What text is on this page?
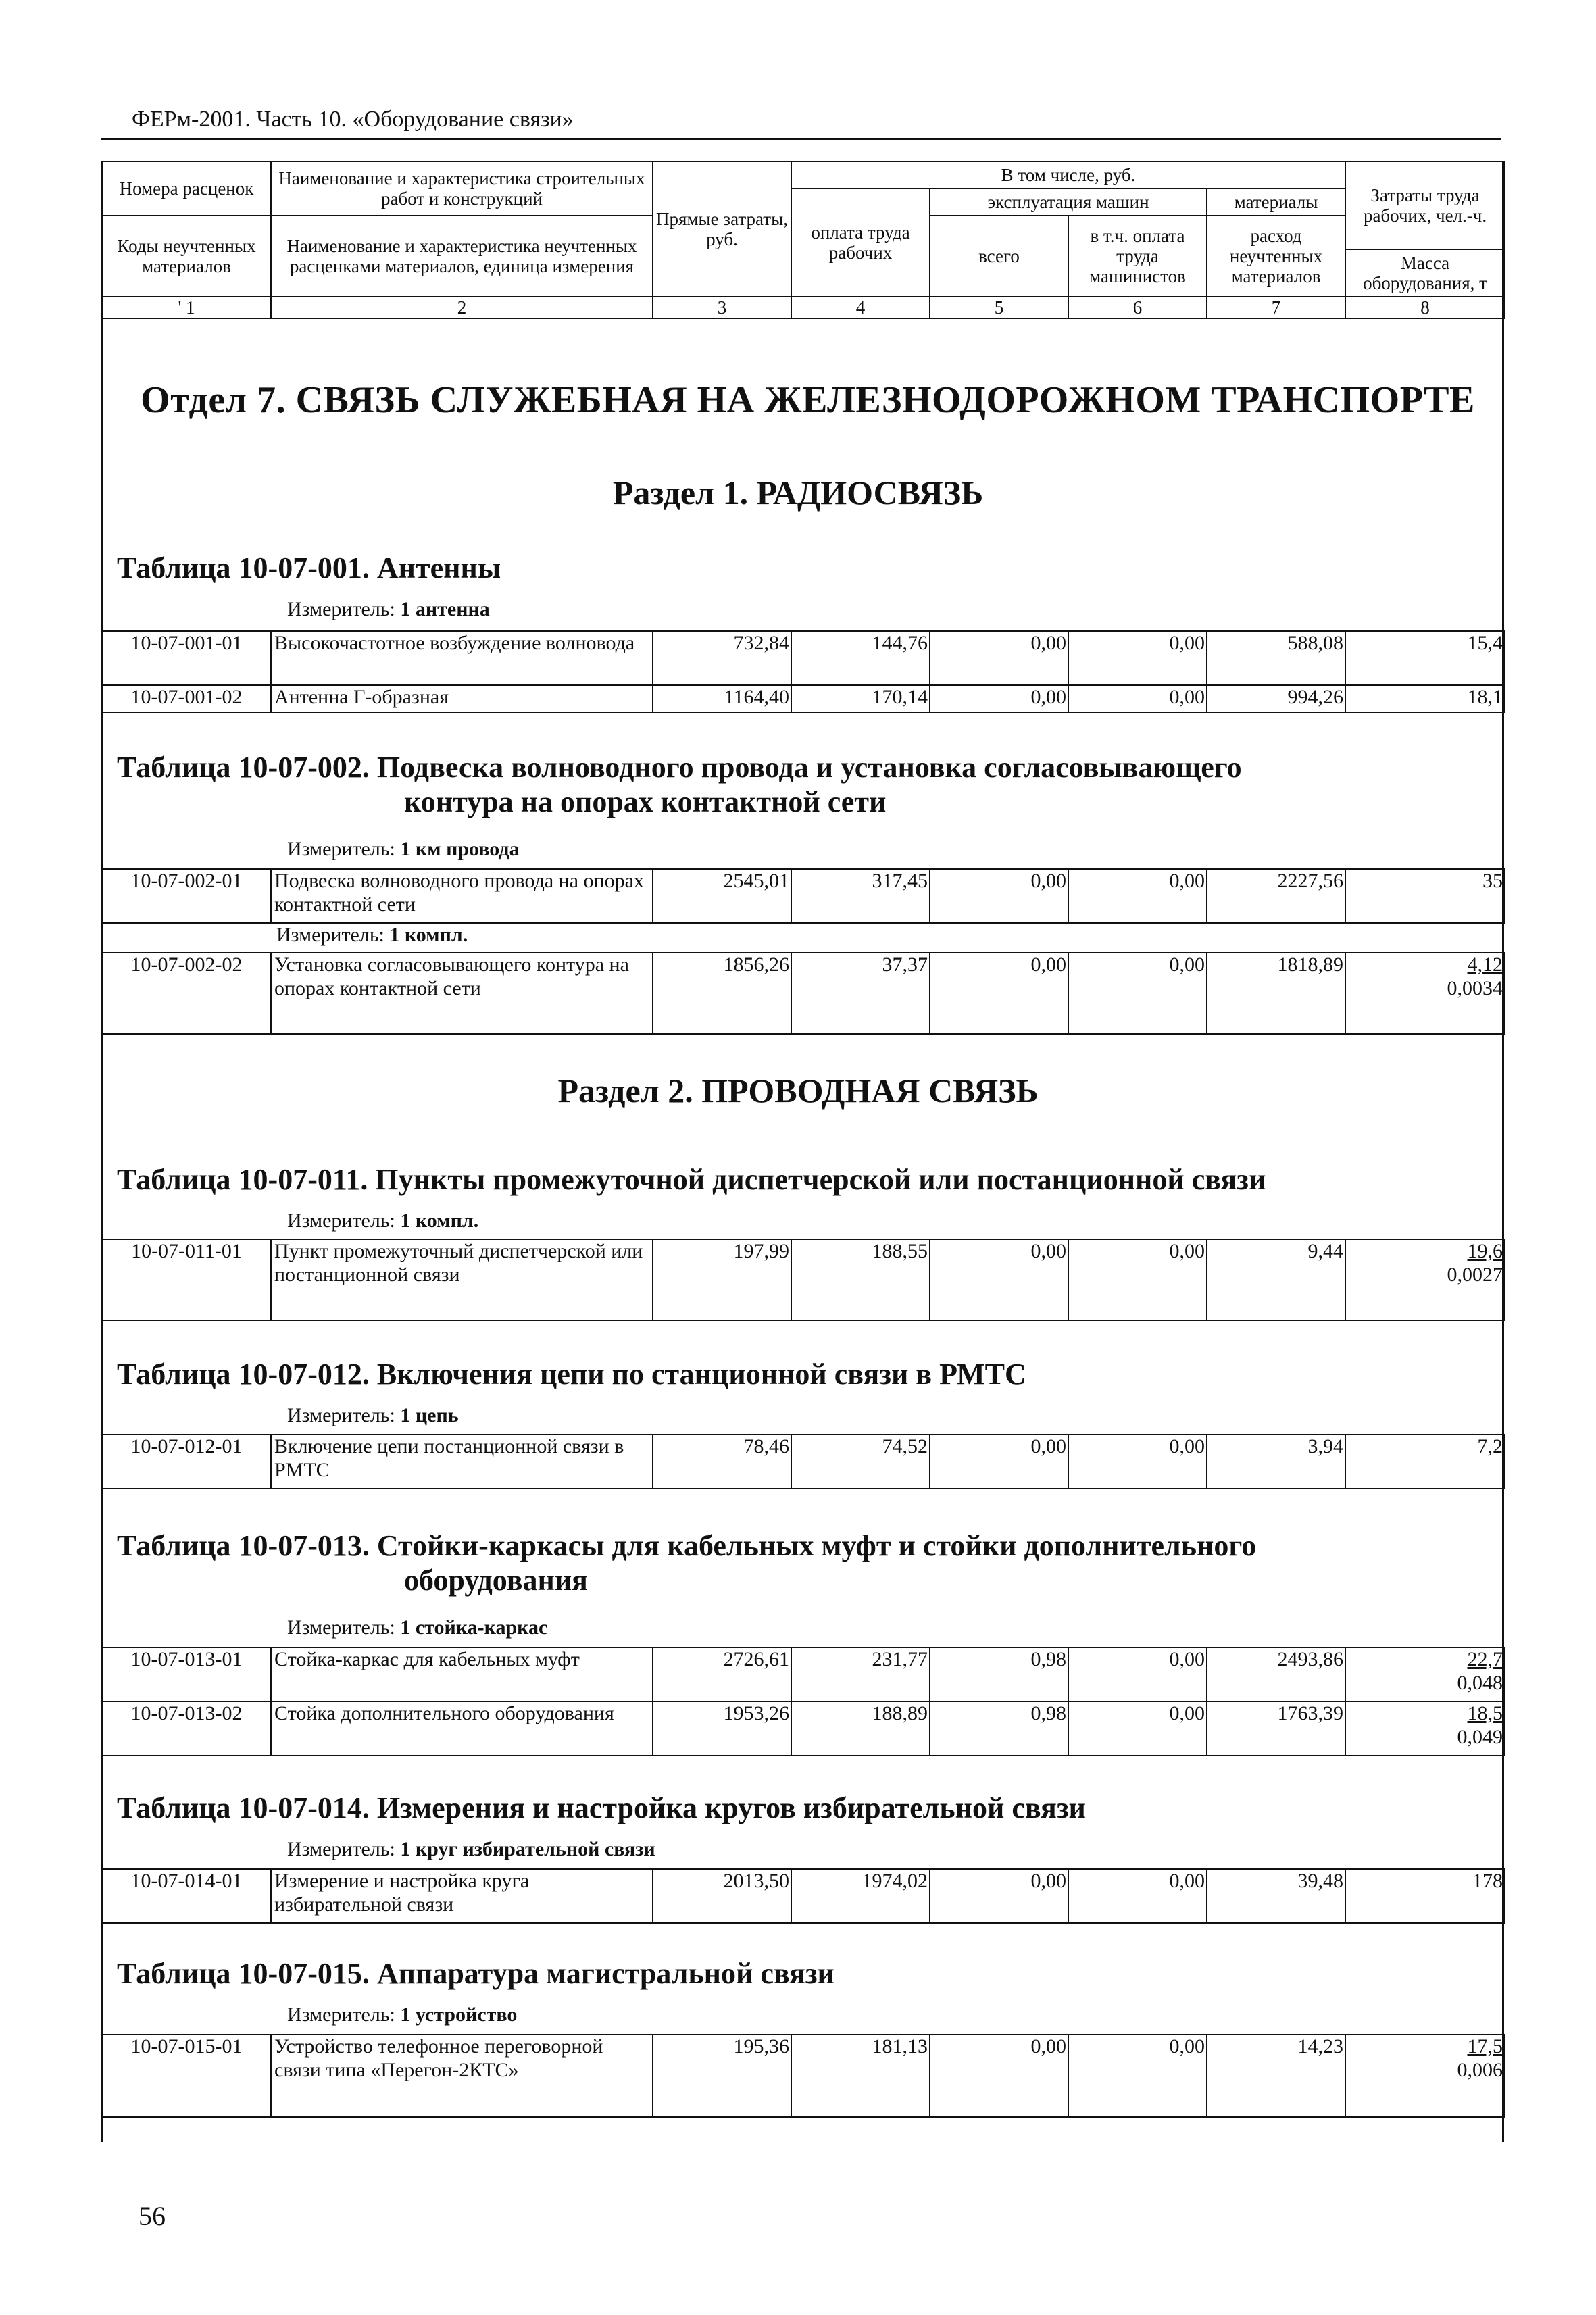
ФЕРм-2001. Часть 10. «Оборудование связи»
Номера расценок	Наименование и характеристика строительных работ и конструкций	Прямые затраты, руб.	В том числе, руб.				Затраты труда рабочих, чел.-ч.
			оплата труда рабочих	эксплуатация машин		материалы	
Коды неучтенных материалов	Наименование и характеристика неучтенных расценками материалов, единица измерения			всего	в т.ч. оплата труда машинистов	расход неучтенных материалов	
							Масса оборудования, т
' 1	2	3	4	5	6	7	8
Отдел 7. СВЯЗЬ СЛУЖЕБНАЯ НА ЖЕЛЕЗНОДОРОЖНОМ ТРАНСПОРТЕ
Раздел 1. РАДИОСВЯЗЬ
Таблица 10-07-001. Антенны
Измеритель: 1 антенна
10-07-001-01	Высокочастотное возбуждение волновода	732,84	144,76	0,00	0,00	588,08	15,4
10-07-001-02	Антенна Г-образная	1164,40	170,14	0,00	0,00	994,26	18,1
Таблица 10-07-002. Подвеска волноводного провода и установка согласовывающего
контура на опорах контактной сети
Измеритель: 1 км провода
10-07-002-01	Подвеска волноводного провода на опорах контактной сети	2545,01	317,45	0,00	0,00	2227,56	35
	Измеритель: 1 компл.						
10-07-002-02	Установка согласовывающего контура на опорах контактной сети	1856,26	37,37	0,00	0,00	1818,89	4,12
0,0034
Раздел 2. ПРОВОДНАЯ СВЯЗЬ
Таблица 10-07-011. Пункты промежуточной диспетчерской или постанционной связи
Измеритель: 1 компл.
10-07-011-01	Пункт промежуточный диспетчерской или постанционной связи	197,99	188,55	0,00	0,00	9,44	19,6
0,0027
Таблица 10-07-012. Включения цепи по станционной связи в РМТС
Измеритель: 1 цепь
10-07-012-01	Включение цепи постанционной связи в РМТС	78,46	74,52	0,00	0,00	3,94	7,2
Таблица 10-07-013. Стойки-каркасы для кабельных муфт и стойки дополнительного
оборудования
Измеритель: 1 стойка-каркас
10-07-013-01	Стойка-каркас для кабельных муфт	2726,61	231,77	0,98	0,00	2493,86	22,7
0,048
10-07-013-02	Стойка дополнительного оборудования	1953,26	188,89	0,98	0,00	1763,39	18,5
0,049
Таблица 10-07-014. Измерения и настройка кругов избирательной связи
Измеритель: 1 круг избирательной связи
10-07-014-01	Измерение и настройка круга избирательной связи	2013,50	1974,02	0,00	0,00	39,48	178
Таблица 10-07-015. Аппаратура магистральной связи
Измеритель: 1 устройство
10-07-015-01	Устройство телефонное переговорной связи типа «Перегон-2КТС»	195,36	181,13	0,00	0,00	14,23	17,5
0,006
56
